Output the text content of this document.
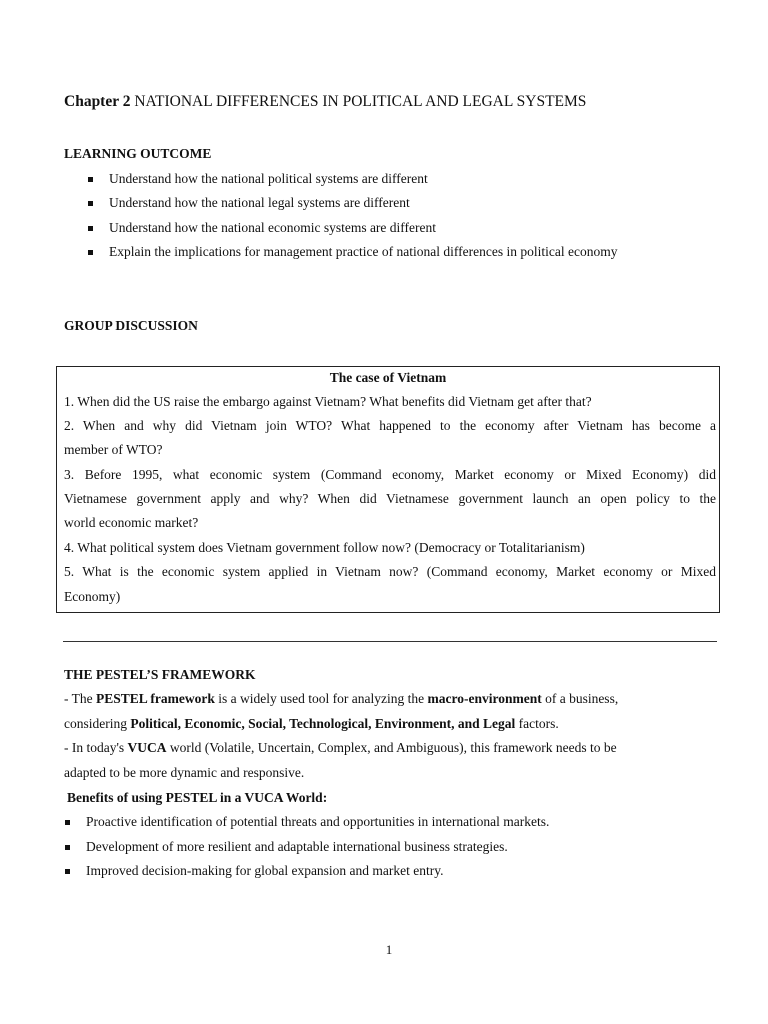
Chapter 2 NATIONAL DIFFERENCES IN POLITICAL AND LEGAL SYSTEMS
LEARNING OUTCOME
Understand how the national political systems are different
Understand how the national legal systems are different
Understand how the national economic systems are different
Explain the implications for management practice of national differences in political economy
GROUP DISCUSSION
The case of Vietnam
1. When did the US raise the embargo against Vietnam? What benefits did Vietnam get after that?
2. When and why did Vietnam join WTO? What happened to the economy after Vietnam has become a
member of WTO?
3. Before 1995, what economic system (Command economy, Market economy or Mixed Economy) did
Vietnamese government apply and why? When did Vietnamese government launch an open policy to the
world economic market?
4. What political system does Vietnam government follow now? (Democracy or Totalitarianism)
5. What is the economic system applied in Vietnam now? (Command economy, Market economy or Mixed
Economy)
THE PESTEL’S FRAMEWORK
- The PESTEL framework is a widely used tool for analyzing the macro-environment of a business,
considering Political, Economic, Social, Technological, Environment, and Legal factors.
- In today's VUCA world (Volatile, Uncertain, Complex, and Ambiguous), this framework needs to be
adapted to be more dynamic and responsive.
Benefits of using PESTEL in a VUCA World:
Proactive identification of potential threats and opportunities in international markets.
Development of more resilient and adaptable international business strategies.
Improved decision-making for global expansion and market entry.
1
